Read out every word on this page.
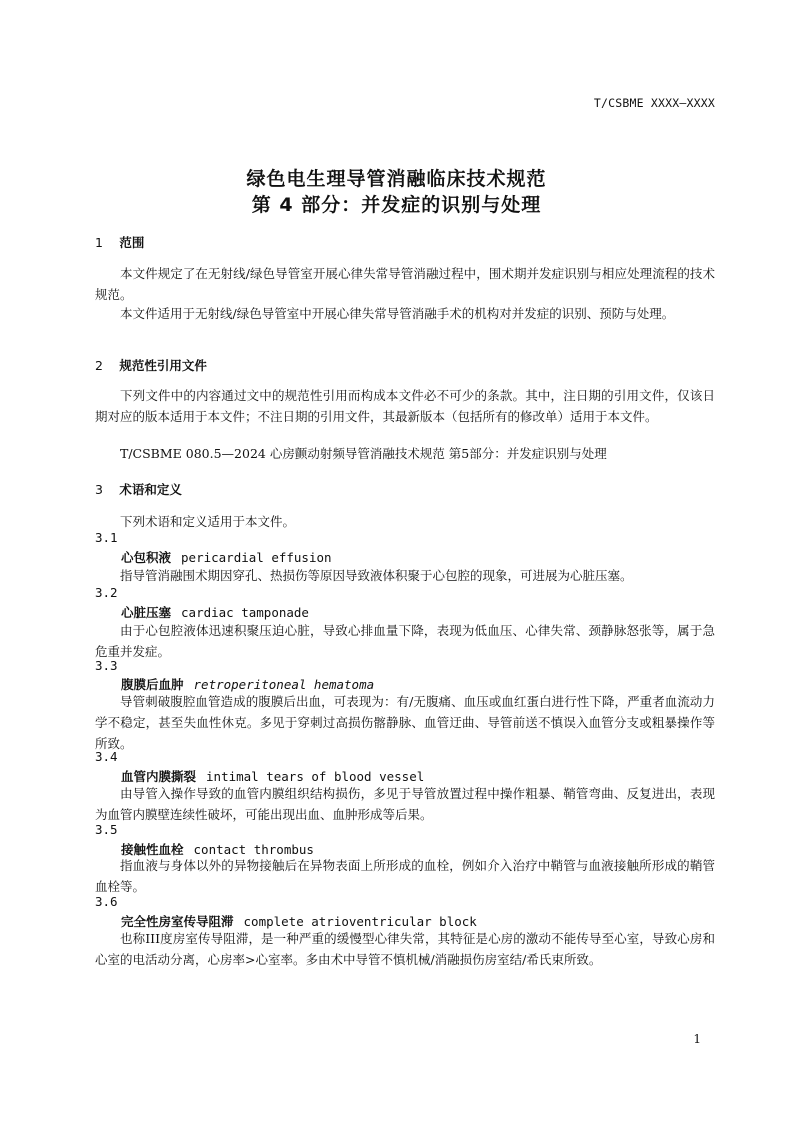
T/CSBME XXXX—XXXX
绿色电生理导管消融临床技术规范
第 4 部分：并发症的识别与处理
1 范围
本文件规定了在无射线/绿色导管室开展心律失常导管消融过程中，围术期并发症识别与相应处理流程的技术规范。
本文件适用于无射线/绿色导管室中开展心律失常导管消融手术的机构对并发症的识别、预防与处理。
2 规范性引用文件
下列文件中的内容通过文中的规范性引用而构成本文件必不可少的条款。其中，注日期的引用文件，仅该日期对应的版本适用于本文件；不注日期的引用文件，其最新版本（包括所有的修改单）适用于本文件。
T/CSBME 080.5—2024 心房颤动射频导管消融技术规范 第5部分：并发症识别与处理
3 术语和定义
下列术语和定义适用于本文件。
3.1
心包积液 pericardial effusion
指导管消融围术期因穿孔、热损伤等原因导致液体积聚于心包腔的现象，可进展为心脏压塞。
3.2
心脏压塞 cardiac tamponade
由于心包腔液体迅速积聚压迫心脏，导致心排血量下降，表现为低血压、心律失常、颈静脉怒张等，属于急危重并发症。
3.3
腹膜后血肿 retroperitoneal hematoma
导管刺破腹腔血管造成的腹膜后出血，可表现为：有/无腹痛、血压或血红蛋白进行性下降，严重者血流动力学不稳定，甚至失血性休克。多见于穿刺过高损伤髂静脉、血管迂曲、导管前送不慎误入血管分支或粗暴操作等所致。
3.4
血管内膜撕裂 intimal tears of blood vessel
由导管入操作导致的血管内膜组织结构损伤，多见于导管放置过程中操作粗暴、鞘管弯曲、反复进出，表现为血管内膜壁连续性破坏，可能出现出血、血肿形成等后果。
3.5
接触性血栓 contact thrombus
指血液与身体以外的异物接触后在异物表面上所形成的血栓，例如介入治疗中鞘管与血液接触所形成的鞘管血栓等。
3.6
完全性房室传导阻滞 complete atrioventricular block
也称III度房室传导阻滞，是一种严重的缓慢型心律失常，其特征是心房的激动不能传导至心室，导致心房和心室的电活动分离，心房率>心室率。多由术中导管不慎机械/消融损伤房室结/希氏束所致。
1
